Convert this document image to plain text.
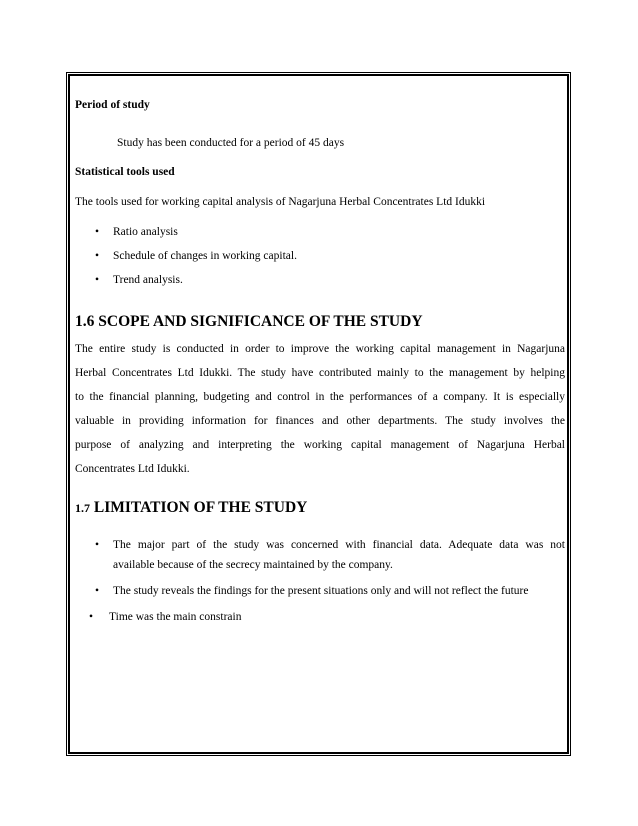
Period of study

Study has been conducted for a period of 45 days

Statistical tools used

The tools used for working capital analysis of Nagarjuna Herbal Concentrates Ltd Idukki

• Ratio analysis
• Schedule of changes in working capital.
• Trend analysis.
1.6 SCOPE AND SIGNIFICANCE OF THE STUDY
The entire study is conducted in order to improve the working capital management in Nagarjuna
Herbal Concentrates Ltd Idukki. The study have contributed mainly to the management by helping
to the financial planning, budgeting and control in the performances of a company. It is especially
valuable in providing information for finances and other departments. The study involves the
purpose of analyzing and interpreting the working capital management of Nagarjuna Herbal
Concentrates Ltd Idukki.
1.7 LIMITATION OF THE STUDY
• The major part of the study was concerned with financial data. Adequate data was not
available because of the secrecy maintained by the company.
• The study reveals the findings for the present situations only and will not reflect the future
• Time was the main constrain
